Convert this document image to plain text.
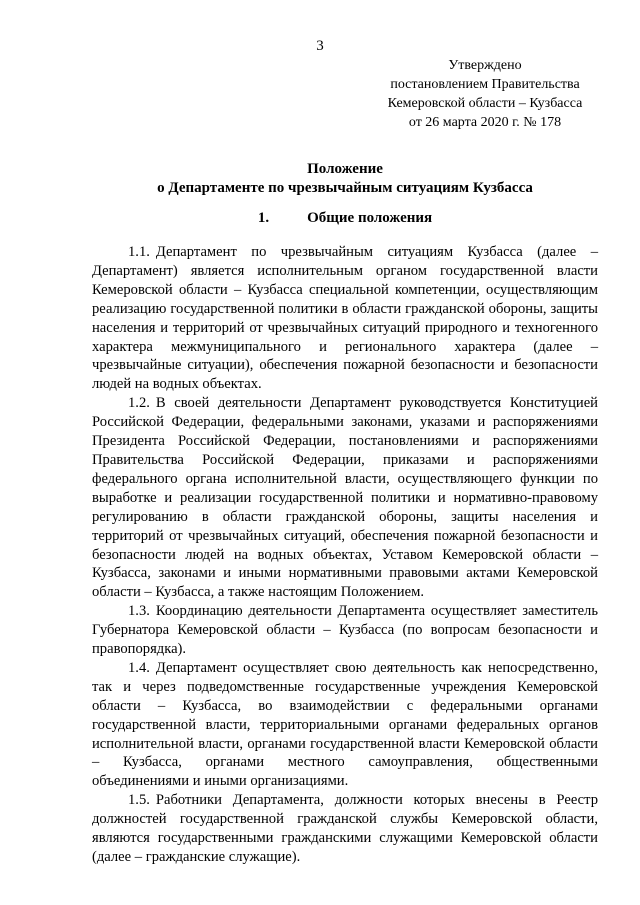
3
Утверждено
постановлением Правительства
Кемеровской области – Кузбасса
от 26 марта 2020 г. № 178
Положение
о Департаменте по чрезвычайным ситуациям Кузбасса
1.	Общие положения

1.1. Департамент по чрезвычайным ситуациям Кузбасса (далее – Департамент) является исполнительным органом государственной власти Кемеровской области – Кузбасса специальной компетенции, осуществляющим реализацию государственной политики в области гражданской обороны, защиты населения и территорий от чрезвычайных ситуаций природного и техногенного характера межмуниципального и регионального характера (далее – чрезвычайные ситуации), обеспечения пожарной безопасности и безопасности людей на водных объектах.

1.2. В своей деятельности Департамент руководствуется Конституцией Российской Федерации, федеральными законами, указами и распоряжениями Президента Российской Федерации, постановлениями и распоряжениями Правительства Российской Федерации, приказами и распоряжениями федерального органа исполнительной власти, осуществляющего функции по выработке и реализации государственной политики и нормативно-правовому регулированию в области гражданской обороны, защиты населения и территорий от чрезвычайных ситуаций, обеспечения пожарной безопасности и безопасности людей на водных объектах, Уставом Кемеровской области – Кузбасса, законами и иными нормативными правовыми актами Кемеровской области – Кузбасса, а также настоящим Положением.

1.3. Координацию деятельности Департамента осуществляет заместитель Губернатора Кемеровской области – Кузбасса (по вопросам безопасности и правопорядка).

1.4. Департамент осуществляет свою деятельность как непосредственно, так и через подведомственные государственные учреждения Кемеровской области – Кузбасса, во взаимодействии с федеральными органами государственной власти, территориальными органами федеральных органов исполнительной власти, органами государственной власти Кемеровской области – Кузбасса, органами местного самоуправления, общественными объединениями и иными организациями.

1.5. Работники Департамента, должности которых внесены в Реестр должностей государственной гражданской службы Кемеровской области, являются государственными гражданскими служащими Кемеровской области (далее – гражданские служащие).
